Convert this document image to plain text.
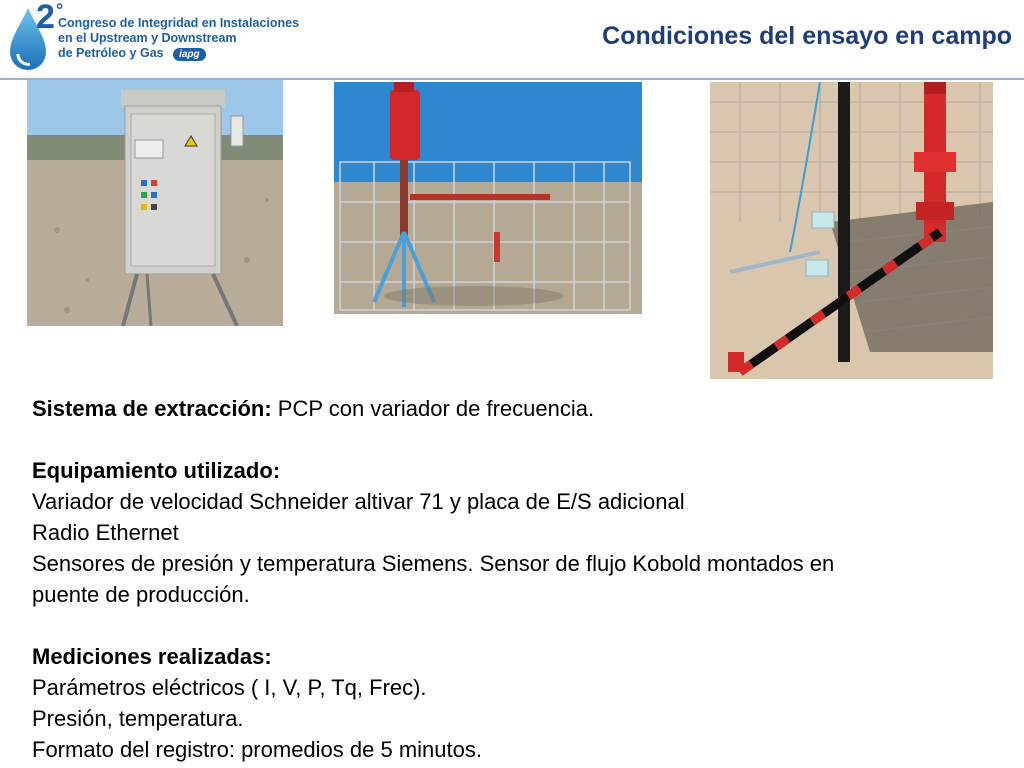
2 °
Congreso de Integridad en Instalaciones
en el Upstream y Downstream
de Petróleo y Gas iapg
Condiciones del ensayo en campo

Sistema de extracción: PCP con variador de frecuencia.

Equipamiento utilizado:

Variador de velocidad Schneider altivar 71 y placa de E/S adicional

Radio Ethernet

Sensores de presión y temperatura Siemens. Sensor de flujo Kobold montados en

puente de producción.

Mediciones realizadas:

Parámetros eléctricos ( I, V, P, Tq, Frec).

Presión, temperatura.

Formato del registro: promedios de 5 minutos.
